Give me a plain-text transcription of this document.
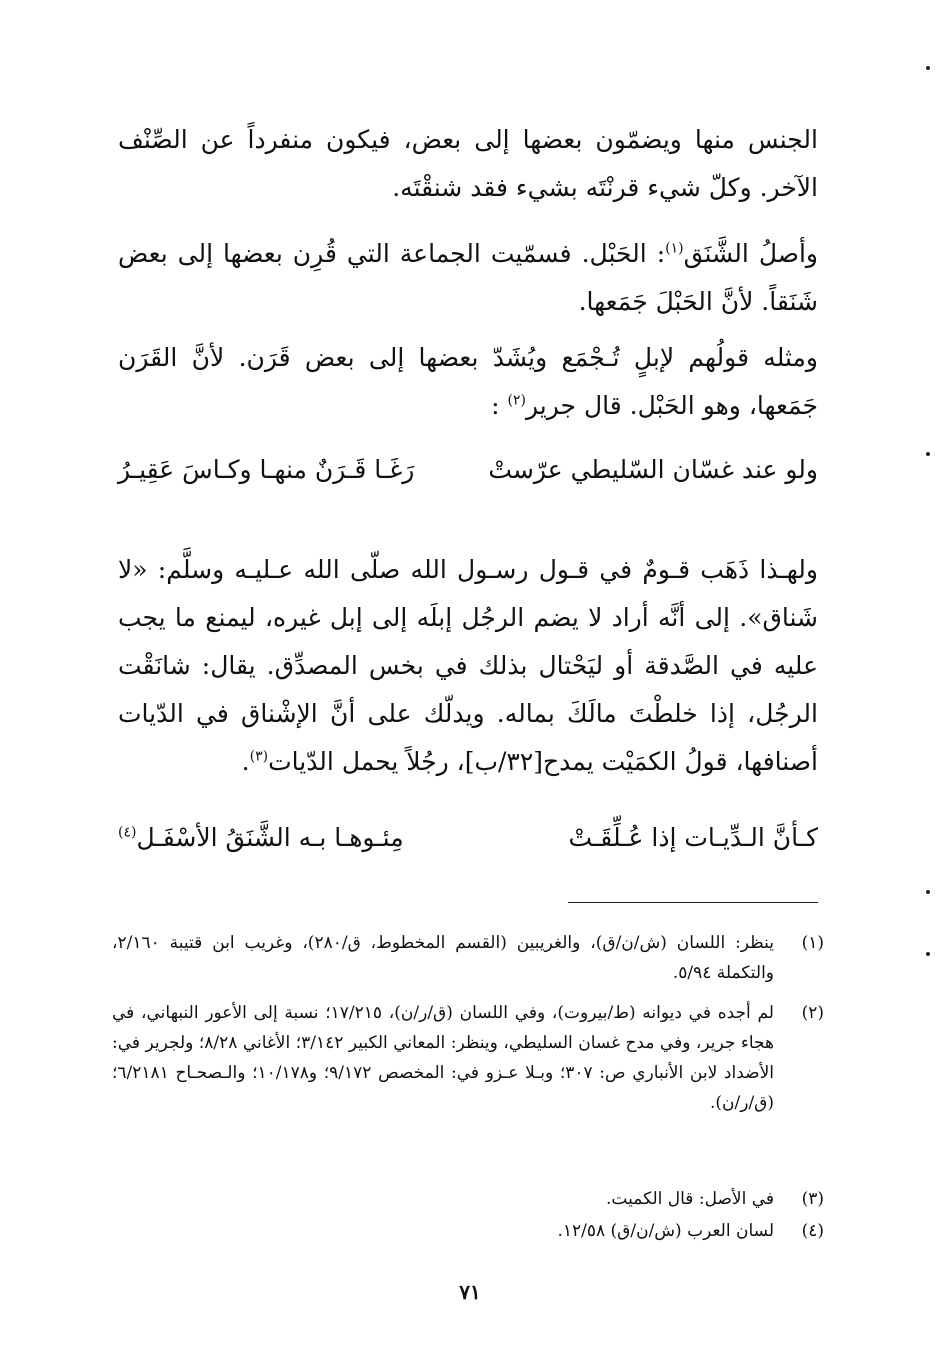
الجنس منها ويضمّون بعضها إلى بعض، فيكون منفرداً عن الصِّنْف الآخر. وكلّ شيء قرنْتَه بشيء فقد شنقْتَه.

وأصلُ الشَّنَق$^{(١)}$: الحَبْل. فسمّيت الجماعة التي قُرِن بعضها إلى بعض شَنَقاً. لأنَّ الحَبْلَ جَمَعها.

ومثله قولُهم لإبلٍ تُـجْمَع ويُشَدّ بعضها إلى بعض قَرَن. لأنَّ القَرَن جَمَعها، وهو الحَبْل. قال جرير$^{(٢)}$ :

ولو عند غسّان السّليطي عرّستْ
رَغَـا قَـرَنٌ منهـا وكـاسَ عَقِيـرُ

ولهـذا ذَهَب قـومٌ في قـول رسـول الله صلّى الله عـليـه وسلَّم: «لا شَناق». إلى أنَّه أراد لا يضم الرجُل إبلَه إلى إبل غيره، ليمنع ما يجب عليه في الصَّدقة أو ليَحْتال بذلك في بخس المصدِّق. يقال: شانَقْت الرجُل، إذا خلطْتَ مالَكَ بماله. ويدلّك على أنَّ الإشْناق في الدّيات أصنافها، قولُ الكمَيْت يمدح[٣٢/ب]، رجُلاً يحمل الدّيات$^{(٣)}$.

كـأنَّ الـدِّيـات إذا عُـلِّقَـتْ
مِئـوهـا بـه الشَّنَقُ الأسْفَـل$^{(٤)}$
(١)
ينظر: اللسان (ش/ن/ق)، والغريبين (القسم المخطوط، ق/٢٨٠)، وغريب ابن قتيبة ٢/١٦٠، والتكملة ٥/٩٤.
(٢)
لم أجده في ديوانه (ط/بيروت)، وفي اللسان (ق/ر/ن)، ١٧/٢١٥؛ نسبة إلى الأعور النبهاني، في هجاء جرير، وفي مدح غسان السليطي، وينظر: المعاني الكبير ٣/١٤٢؛ الأغاني ٨/٢٨؛ ولجرير في: الأضداد لابن الأنباري ص: ٣٠٧؛ وبـلا عـزو في: المخصص ٩/١٧٢؛ و١٠/١٧٨؛ والـصحـاح ٦/٢١٨١؛ (ق/ر/ن).
(٣)
في الأصل: قال الكميت.
(٤)
لسان العرب (ش/ن/ق) ١٢/٥٨.
٧١
